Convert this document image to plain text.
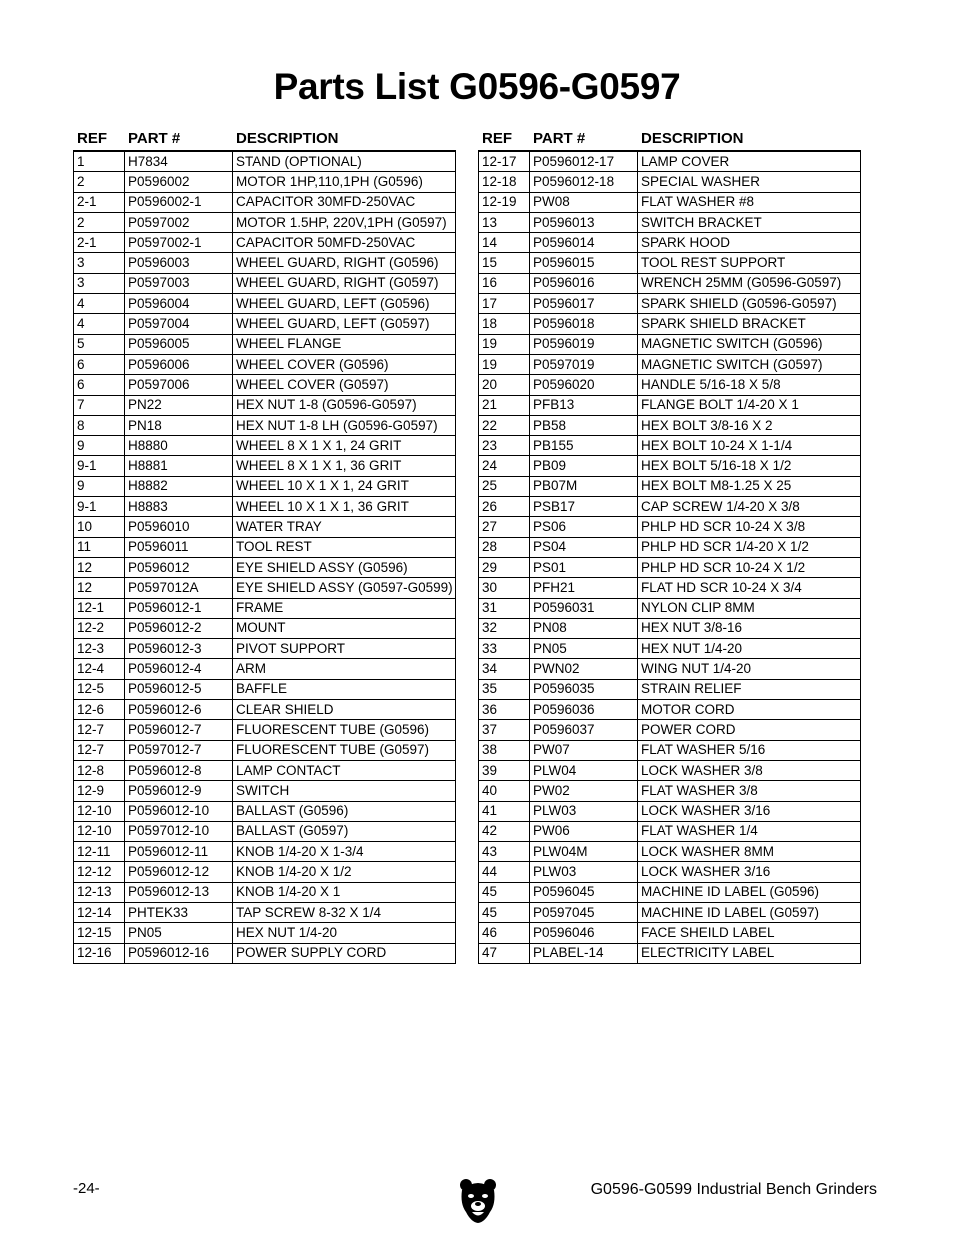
Parts List G0596-G0597
REF	PART #	DESCRIPTION
1	H7834	STAND (OPTIONAL)
2	P0596002	MOTOR 1HP,110,1PH (G0596)
2-1	P0596002-1	CAPACITOR 30MFD-250VAC
2	P0597002	MOTOR 1.5HP, 220V,1PH (G0597)
2-1	P0597002-1	CAPACITOR 50MFD-250VAC
3	P0596003	WHEEL GUARD, RIGHT (G0596)
3	P0597003	WHEEL GUARD, RIGHT (G0597)
4	P0596004	WHEEL GUARD, LEFT (G0596)
4	P0597004	WHEEL GUARD, LEFT (G0597)
5	P0596005	WHEEL FLANGE
6	P0596006	WHEEL COVER (G0596)
6	P0597006	WHEEL COVER (G0597)
7	PN22	HEX NUT 1-8 (G0596-G0597)
8	PN18	HEX NUT 1-8 LH (G0596-G0597)
9	H8880	WHEEL 8 X 1 X 1, 24 GRIT
9-1	H8881	WHEEL 8 X 1 X 1, 36 GRIT
9	H8882	WHEEL 10 X 1 X 1, 24 GRIT
9-1	H8883	WHEEL 10 X 1 X 1, 36 GRIT
10	P0596010	WATER TRAY
11	P0596011	TOOL REST
12	P0596012	EYE SHIELD ASSY (G0596)
12	P0597012A	EYE SHIELD ASSY (G0597-G0599)
12-1	P0596012-1	FRAME
12-2	P0596012-2	MOUNT
12-3	P0596012-3	PIVOT SUPPORT
12-4	P0596012-4	ARM
12-5	P0596012-5	BAFFLE
12-6	P0596012-6	CLEAR SHIELD
12-7	P0596012-7	FLUORESCENT TUBE (G0596)
12-7	P0597012-7	FLUORESCENT TUBE (G0597)
12-8	P0596012-8	LAMP CONTACT
12-9	P0596012-9	SWITCH
12-10	P0596012-10	BALLAST (G0596)
12-10	P0597012-10	BALLAST (G0597)
12-11	P0596012-11	KNOB 1/4-20 X 1-3/4
12-12	P0596012-12	KNOB 1/4-20 X 1/2
12-13	P0596012-13	KNOB 1/4-20 X 1
12-14	PHTEK33	TAP SCREW 8-32 X 1/4
12-15	PN05	HEX NUT 1/4-20
12-16	P0596012-16	POWER SUPPLY CORD
REF	PART #	DESCRIPTION
12-17	P0596012-17	LAMP COVER
12-18	P0596012-18	SPECIAL WASHER
12-19	PW08	FLAT WASHER #8
13	P0596013	SWITCH BRACKET
14	P0596014	SPARK HOOD
15	P0596015	TOOL REST SUPPORT
16	P0596016	WRENCH 25MM (G0596-G0597)
17	P0596017	SPARK SHIELD (G0596-G0597)
18	P0596018	SPARK SHIELD BRACKET
19	P0596019	MAGNETIC SWITCH (G0596)
19	P0597019	MAGNETIC SWITCH (G0597)
20	P0596020	HANDLE 5/16-18 X 5/8
21	PFB13	FLANGE BOLT 1/4-20 X 1
22	PB58	HEX BOLT 3/8-16 X 2
23	PB155	HEX BOLT 10-24 X 1-1/4
24	PB09	HEX BOLT 5/16-18 X 1/2
25	PB07M	HEX BOLT M8-1.25 X 25
26	PSB17	CAP SCREW 1/4-20 X 3/8
27	PS06	PHLP HD SCR 10-24 X 3/8
28	PS04	PHLP HD SCR 1/4-20 X 1/2
29	PS01	PHLP HD SCR 10-24 X 1/2
30	PFH21	FLAT HD SCR 10-24 X 3/4
31	P0596031	NYLON CLIP 8MM
32	PN08	HEX NUT 3/8-16
33	PN05	HEX NUT 1/4-20
34	PWN02	WING NUT 1/4-20
35	P0596035	STRAIN RELIEF
36	P0596036	MOTOR CORD
37	P0596037	POWER CORD
38	PW07	FLAT WASHER 5/16
39	PLW04	LOCK WASHER 3/8
40	PW02	FLAT WASHER 3/8
41	PLW03	LOCK WASHER 3/16
42	PW06	FLAT WASHER 1/4
43	PLW04M	LOCK WASHER 8MM
44	PLW03	LOCK WASHER 3/16
45	P0596045	MACHINE ID LABEL (G0596)
45	P0597045	MACHINE ID LABEL (G0597)
46	P0596046	FACE SHEILD LABEL
47	PLABEL-14	ELECTRICITY LABEL
-24-	G0596-G0599 Industrial Bench Grinders
